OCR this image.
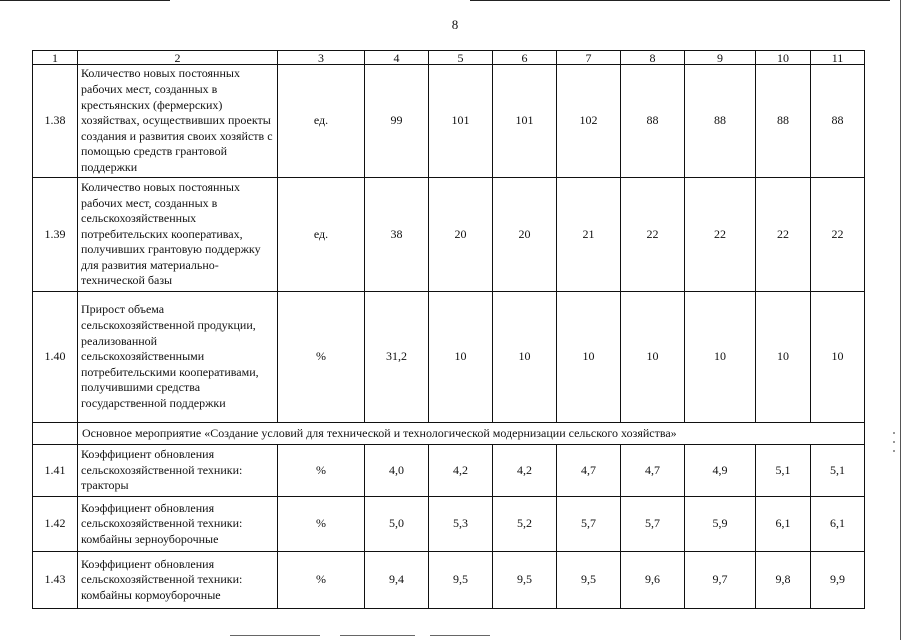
8
1	2	3	4	5	6	7	8	9	10	11
1.38	Количество новых постоянных рабочих мест, созданных в крестьянских (фермерских) хозяйствах, осуществивших проекты создания и развития своих хозяйств с помощью средств грантовой поддержки	ед.	99	101	101	102	88	88	88	88
1.39	Количество новых постоянных рабочих мест, созданных в сельскохозяйственных потребительских кооперативах, получивших грантовую поддержку для развития материально-технической базы	ед.	38	20	20	21	22	22	22	22
1.40	Прирост объема сельскохозяйственной продукции, реализованной сельскохозяйственными потребительскими кооперативами, получившими средства государственной поддержки	%	31,2	10	10	10	10	10	10	10
	Основное мероприятие «Создание условий для технической и технологической модернизации сельского хозяйства»									
1.41	Коэффициент обновления сельскохозяйственной техники: тракторы	%	4,0	4,2	4,2	4,7	4,7	4,9	5,1	5,1
1.42	Коэффициент обновления сельскохозяйственной техники: комбайны зерноуборочные	%	5,0	5,3	5,2	5,7	5,7	5,9	6,1	6,1
1.43	Коэффициент обновления сельскохозяйственной техники: комбайны кормоуборочные	%	9,4	9,5	9,5	9,5	9,6	9,7	9,8	9,9
